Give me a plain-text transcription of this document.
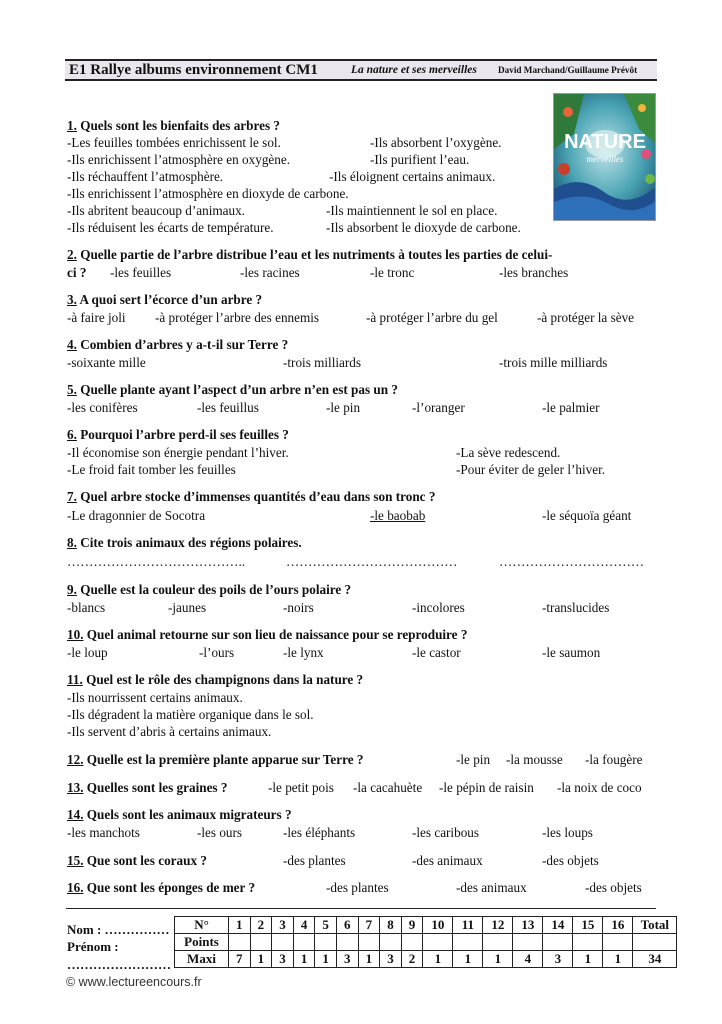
E1 Rallye albums environnement CM1	La nature et ses merveilles David Marchand/Guillaume Prévôt
NATURE
merveilles
1. Quels sont les bienfaits des arbres ?
-Les feuilles tombées enrichissent le sol.	-Ils absorbent l’oxygène.
-Ils enrichissent l’atmosphère en oxygène.	-Ils purifient l’eau.
-Ils réchauffent l’atmosphère.	-Ils éloignent certains animaux.
-Ils enrichissent l’atmosphère en dioxyde de carbone.
-Ils abritent beaucoup d’animaux.	-Ils maintiennent le sol en place.
-Ils réduisent les écarts de température.	-Ils absorbent le dioxyde de carbone.
2. Quelle partie de l’arbre distribue l’eau et les nutriments à toutes les parties de celui-
ci ? -les feuilles	-les racines	-le tronc	-les branches
3. A quoi sert l’écorce d’un arbre ?
-à faire joli -à protéger l’arbre des ennemis	-à protéger l’arbre du gel	-à protéger la sève
4. Combien d’arbres y a-t-il sur Terre ?
-soixante mille	-trois milliards	-trois mille milliards
5. Quelle plante ayant l’aspect d’un arbre n’en est pas un ?
-les conifères	-les feuillus	-le pin	-l’oranger	-le palmier
6. Pourquoi l’arbre perd-il ses feuilles ?
-Il économise son énergie pendant l’hiver.	-La sève redescend.
-Le froid fait tomber les feuilles	-Pour éviter de geler l’hiver.
7. Quel arbre stocke d’immenses quantités d’eau dans son tronc ?
-Le dragonnier de Socotra	-le baobab	-le séquoïa géant
8. Cite trois animaux des régions polaires.
…………………………………..	…………………………………	……………………………
9. Quelle est la couleur des poils de l’ours polaire ?
-blancs	-jaunes	-noirs	-incolores	-translucides
10. Quel animal retourne sur son lieu de naissance pour se reproduire ?
-le loup	-l’ours	-le lynx	-le castor	-le saumon
11. Quel est le rôle des champignons dans la nature ?
-Ils nourrissent certains animaux.
-Ils dégradent la matière organique dans le sol.
-Ils servent d’abris à certains animaux.
12. Quelle est la première plante apparue sur Terre ?	-le pin -la mousse -la fougère
13. Quelles sont les graines ?	-le petit pois -la cacahuète -le pépin de raisin -la noix de coco
14. Quels sont les animaux migrateurs ?
-les manchots	-les ours	-les éléphants	-les caribous	-les loups
15. Que sont les coraux ?	-des plantes	-des animaux	-des objets
16. Que sont les éponges de mer ?	-des plantes	-des animaux	-des objets
Nom : ……………
Prénom :
……………………
N°	1	2	3	4	5	6	7	8	9	10	11	12	13	14	15	16	Total
Points																	
Maxi	7	1	3	1	1	3	1	3	2	1	1	1	4	3	1	1	34
© www.lectureencours.fr
